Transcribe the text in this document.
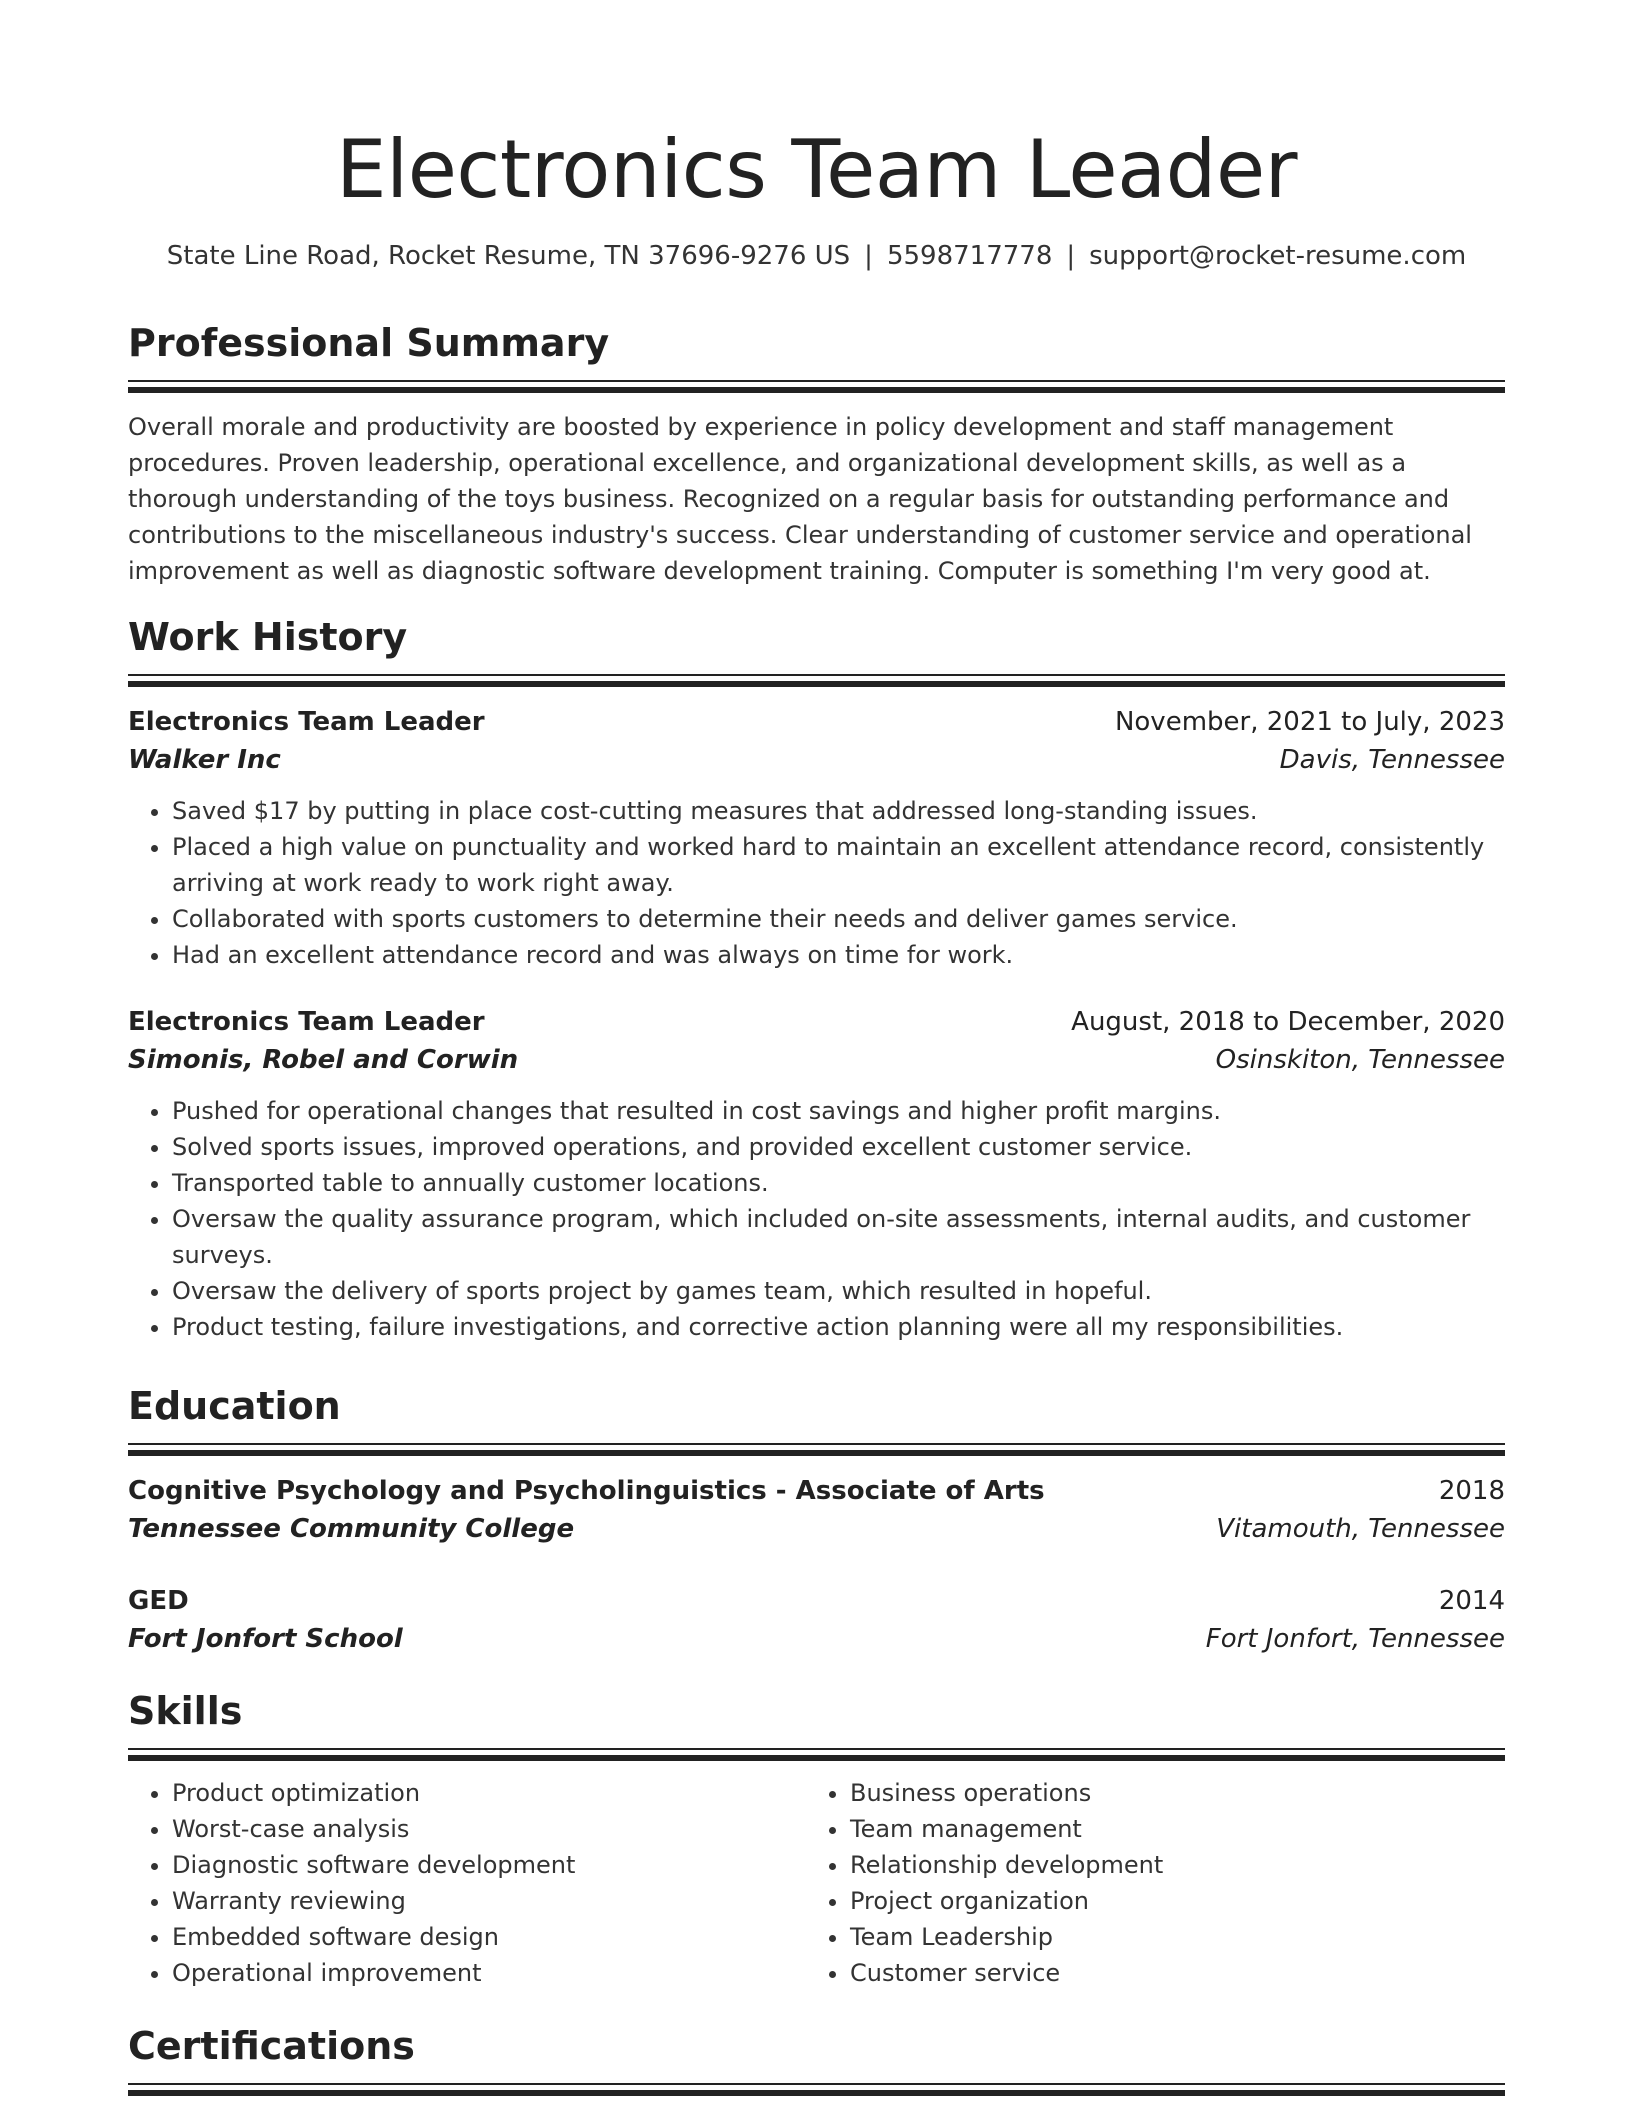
Electronics Team Leader
State Line Road, Rocket Resume, TN 37696-9276 US | 5598717778 | support@rocket-resume.com
Professional Summary
Overall morale and productivity are boosted by experience in policy development and staff management procedures. Proven leadership, operational excellence, and organizational development skills, as well as a thorough understanding of the toys business. Recognized on a regular basis for outstanding performance and contributions to the miscellaneous industry's success. Clear understanding of customer service and operational improvement as well as diagnostic software development training. Computer is something I'm very good at.
Work History
Electronics Team Leader	November, 2021 to July, 2023
Walker Inc	Davis, Tennessee
• Saved $17 by putting in place cost-cutting measures that addressed long-standing issues.
• Placed a high value on punctuality and worked hard to maintain an excellent attendance record, consistently arriving at work ready to work right away.
• Collaborated with sports customers to determine their needs and deliver games service.
• Had an excellent attendance record and was always on time for work.
Electronics Team Leader	August, 2018 to December, 2020
Simonis, Robel and Corwin	Osinskiton, Tennessee
• Pushed for operational changes that resulted in cost savings and higher profit margins.
• Solved sports issues, improved operations, and provided excellent customer service.
• Transported table to annually customer locations.
• Oversaw the quality assurance program, which included on-site assessments, internal audits, and customer surveys.
• Oversaw the delivery of sports project by games team, which resulted in hopeful.
• Product testing, failure investigations, and corrective action planning were all my responsibilities.
Education
Cognitive Psychology and Psycholinguistics - Associate of Arts	2018
Tennessee Community College	Vitamouth, Tennessee
GED	2014
Fort Jonfort School	Fort Jonfort, Tennessee
Skills
• Product optimization
• Worst-case analysis
• Diagnostic software development
• Warranty reviewing
• Embedded software design
• Operational improvement
• Business operations
• Team management
• Relationship development
• Project organization
• Team Leadership
• Customer service
Certifications
